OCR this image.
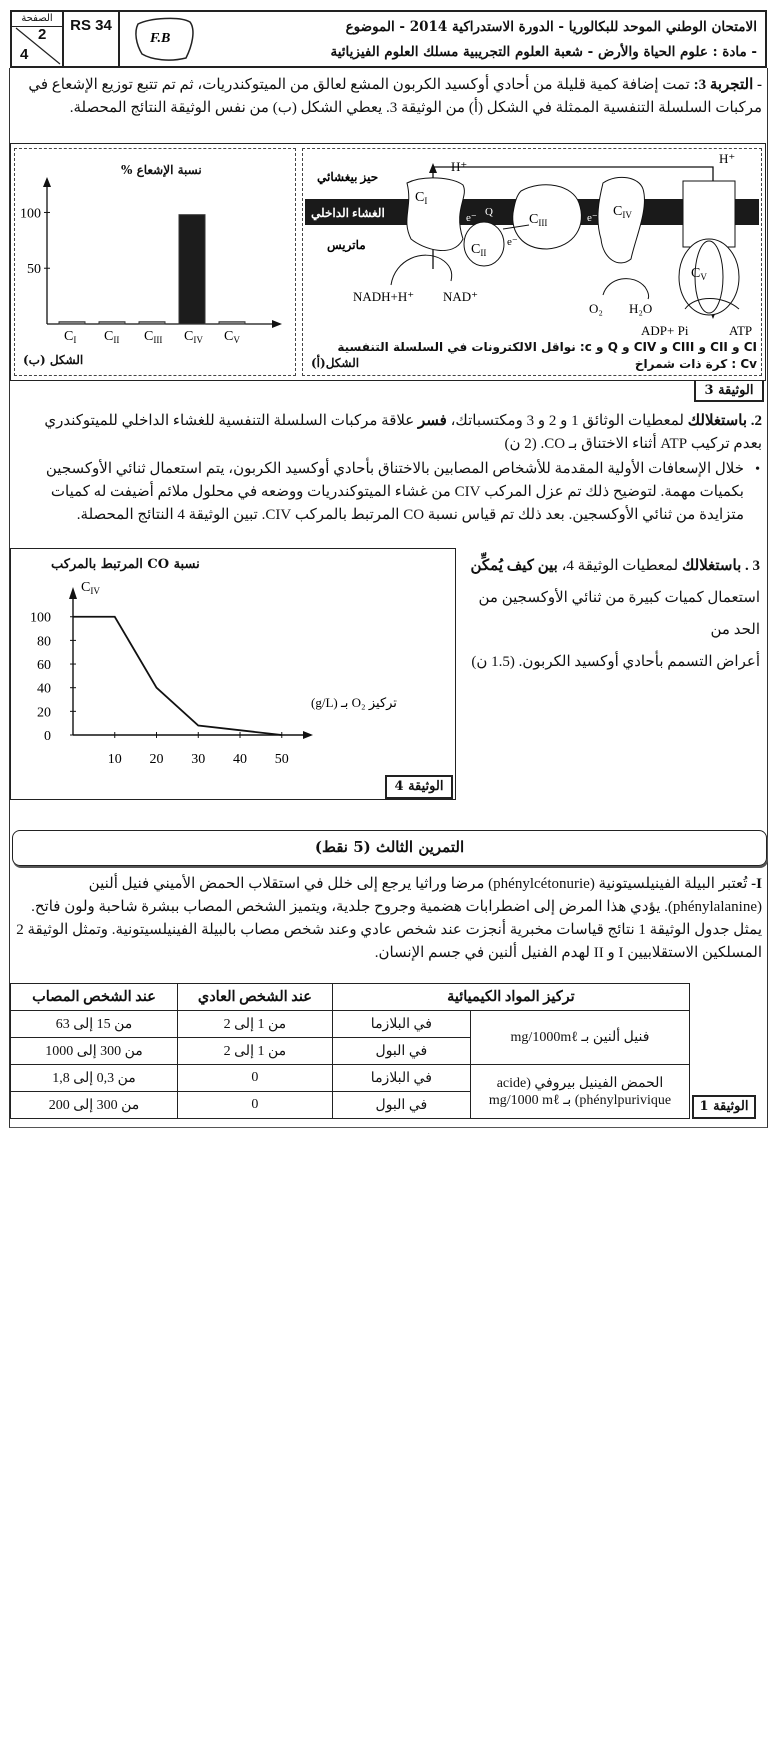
الصفحة
2
4
RS 34
F.B
الامتحان الوطني الموحد للبكالوريا - الدورة الاستدراكية 2014 - الموضوع
- مادة : علوم الحياة والأرض - شعبة العلوم التجريبية مسلك العلوم الفيزيائية
- التجربة 3: تمت إضافة كمية قليلة من أحادي أوكسيد الكربون المشع لعالق من الميتوكندريات، ثم تم تتبع توزيع الإشعاع في مركبات السلسلة التنفسية الممثلة في الشكل (أ) من الوثيقة 3. يعطي الشكل (ب) من نفس الوثيقة النتائج المحصلة.
50
100
$C_I$ $C_{II}$ $C_{III}$ $C_{IV}$ $C_V$
نسبة الإشعاع %
الشكل (ب)
H⁺
H⁺
حيز بيغشائي
الغشاء الداخلي
ماتريس
NADH+H⁺ NAD⁺
O₂ H₂O
ADP+ Pi	ATP
Q
c
e⁻
e⁻
e⁻
$C_I$
$C_{II}$
$C_{III}$
$C_{IV}$
$C_V$
CI و CII و CIII و CIV و Q و c: نواقل الالكترونات في السلسلة التنفسية
Cv : كرة ذات شمراخ
الشكل(أ)
الوثيقة 3
2. باستغلالك لمعطيات الوثائق 1 و 2 و 3 ومكتسباتك، فسر علاقة مركبات السلسلة التنفسية للغشاء الداخلي للميتوكندري بعدم تركيب ATP أثناء الاختناق بـ CO. (2 ن)
•
خلال الإسعافات الأولية المقدمة للأشخاص المصابين بالاختناق بأحادي أوكسيد الكربون، يتم استعمال ثنائي الأوكسجين بكميات مهمة. لتوضيح ذلك تم عزل المركب CIV من غشاء الميتوكندريات ووضعه في محلول ملائم أضيفت له كميات متزايدة من ثنائي الأوكسجين. بعد ذلك تم قياس نسبة CO المرتبط بالمركب CIV. تبين الوثيقة 4 النتائج المحصلة.
0
20
40
60
80
100
10 20 30 40 50
$C_{IV}$
تركيز O₂ بـ (g/L)
نسبة CO المرتبط بالمركب
الوثيقة 4
3 . باستغلالك لمعطيات الوثيقة 4، بين كيف يُمكِّن
استعمال كميات كبيرة من ثنائي الأوكسجين من الحد من
أعراض التسمم بأحادي أوكسيد الكربون. (1.5 ن)
التمرين الثالث (5 نقط)
I- تُعتبر البيلة الفينيلسيتونية (phénylcétonurie) مرضا وراثيا يرجع إلى خلل في استقلاب الحمض الأميني فنيل ألنين (phénylalanine). يؤدي هذا المرض إلى اضطرابات هضمية وجروح جلدية، ويتميز الشخص المصاب ببشرة شاحبة ولون فاتح. يمثل جدول الوثيقة 1 نتائج قياسات مخبرية أنجزت عند شخص عادي وعند شخص مصاب بالبيلة الفينيلسيتونية. وتمثل الوثيقة 2 المسلكين الاستقلابيين I و II لهدم الفنيل ألنين في جسم الإنسان.
تركيز المواد الكيميائية		عند الشخص العادي	عند الشخص المصاب
فنيل ألنين بـ mg/1000mℓ	في البلازما	من 1 إلى 2	من 15 إلى 63
	في البول	من 1 إلى 2	من 300 إلى 1000
الحمض الفينيل بيروفي (acide phénylpurivique) بـ mg/1000 mℓ	في البلازما	0	من 0,3 إلى 1,8
	في البول	0	من 300 إلى 200	الوثيقة 1
